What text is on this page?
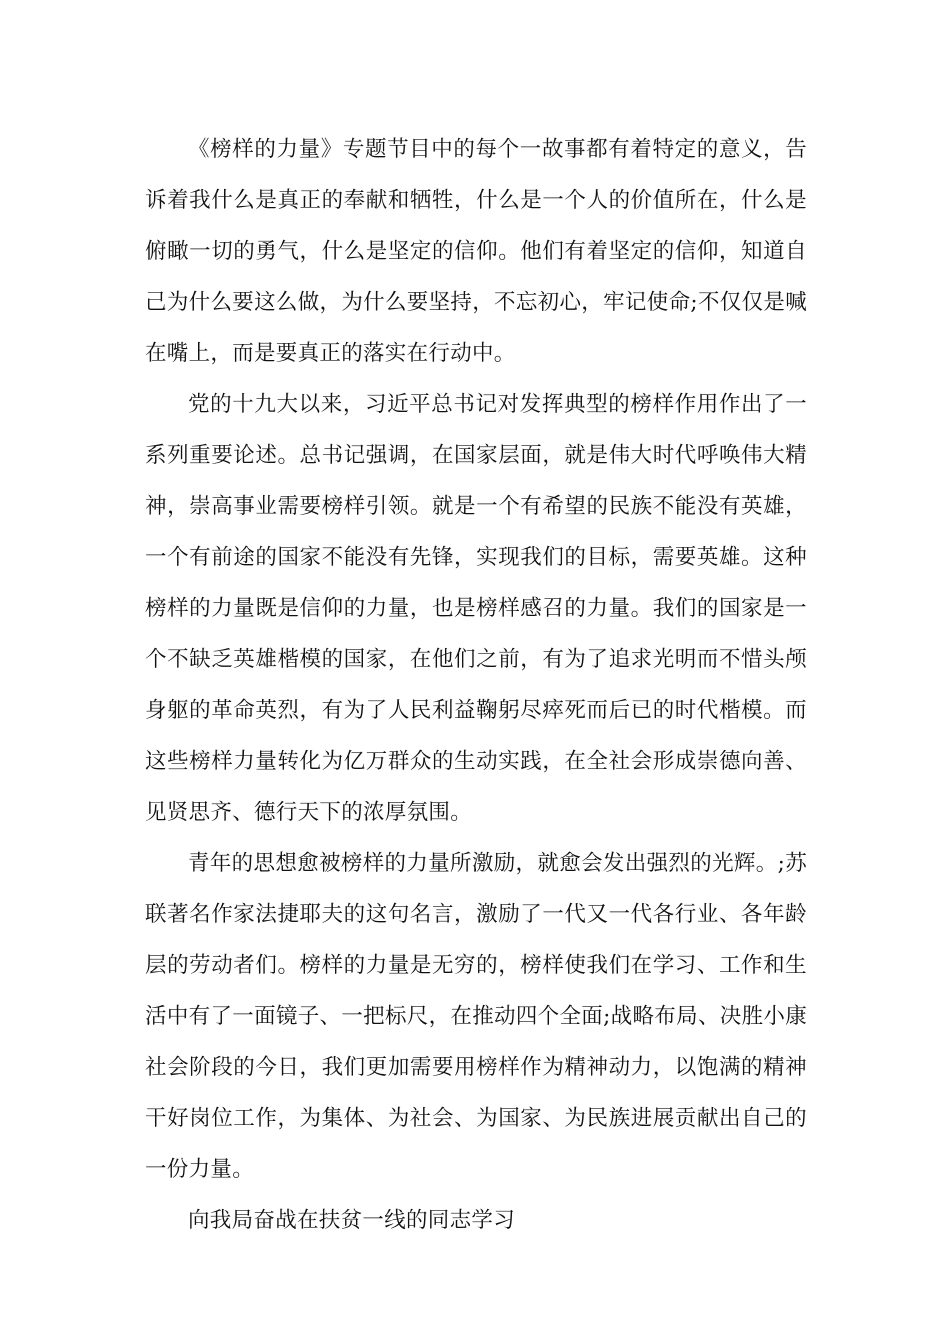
《榜样的力量》专题节目中的每个一故事都有着特定的意义，告诉着我什么是真正的奉献和牺牲，什么是一个人的价值所在，什么是俯瞰一切的勇气，什么是坚定的信仰。他们有着坚定的信仰，知道自己为什么要这么做，为什么要坚持，不忘初心，牢记使命;不仅仅是喊在嘴上，而是要真正的落实在行动中。

党的十九大以来，习近平总书记对发挥典型的榜样作用作出了一系列重要论述。总书记强调，在国家层面，就是伟大时代呼唤伟大精神，崇高事业需要榜样引领。就是一个有希望的民族不能没有英雄，一个有前途的国家不能没有先锋，实现我们的目标，需要英雄。这种榜样的力量既是信仰的力量，也是榜样感召的力量。我们的国家是一个不缺乏英雄楷模的国家，在他们之前，有为了追求光明而不惜头颅身躯的革命英烈，有为了人民利益鞠躬尽瘁死而后已的时代楷模。而这些榜样力量转化为亿万群众的生动实践，在全社会形成崇德向善、见贤思齐、德行天下的浓厚氛围。

青年的思想愈被榜样的力量所激励，就愈会发出强烈的光辉。;苏联著名作家法捷耶夫的这句名言，激励了一代又一代各行业、各年龄层的劳动者们。榜样的力量是无穷的，榜样使我们在学习、工作和生活中有了一面镜子、一把标尺，在推动四个全面;战略布局、决胜小康社会阶段的今日，我们更加需要用榜样作为精神动力，以饱满的精神干好岗位工作，为集体、为社会、为国家、为民族进展贡献出自己的一份力量。

向我局奋战在扶贫一线的同志学习
